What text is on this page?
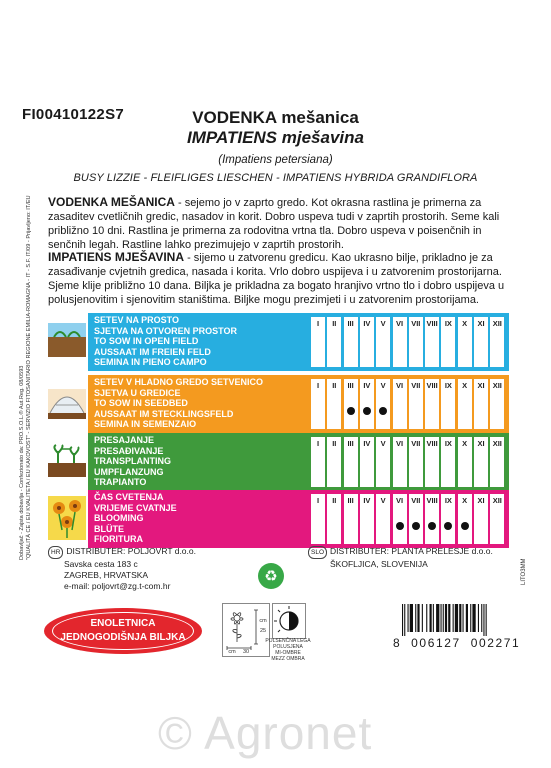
Dobavljač - Zajsta dobavlja - Confezionato da: PRO.S.O.L.® Aut.Reg. 08/0593 "QUALITÀ CE / EU KVALITETA / EU KAKOVOST" - SERVIZIO FITOSANITARIO REGIONE EMILIA-ROMAGNA - IT - S.F. IT/09 - Prijavljeno: IT/EU
FI00410122S7	VODENKA mešanica
IMPATIENS mješavina
(Impatiens petersiana)
BUSY LIZZIE - FLEIFLIGES LIESCHEN - IMPATIENS HYBRIDA GRANDIFLORA
VODENKA MEŠANICA - sejemo jo v zaprto gredo. Kot okrasna rastlina je primerna za
zasaditev cvetličnih gredic, nasadov in korit. Dobro uspeva tudi v zaprtih prostorih. Seme kali
približno 10 dni. Rastlina je primerna za rodovitna vrtna tla. Dobro uspeva v poisenčnih in
senčnih legah. Rastline lahko prezimujejo v zaprtih prostorih.
IMPATIENS MJEŠAVINA - sijemo u zatvorenu gredicu. Kao ukrasno bilje, prikladno je za
zasađivanje cvjetnih gredica, nasada i korita. Vrlo dobro uspijeva i u zatvorenim prostorijarna.
Sjeme klije približno 10 dana. Biljka je prikladna za bogato hranjivo vrtno tlo i dobro uspijeva u
polusjenovitim i sjenovitim staništima. Biljke mogu prezimjeti i u zatvorenim prostorijama.
SETEV NA PROSTO
SJETVA NA OTVOREN PROSTOR
TO SOW IN OPEN FIELD
AUSSAAT IM FREIEN FELD
SEMINA IN PIENO CAMPO
I	II	III	IV	V	VI	VII VIII IX	X	XI	XII
SETEV V HLADNO GREDO SETVENICO
SJETVA U GREDICE
TO SOW IN SEEDBED
AUSSAAT IM STECKLINGSFELD
SEMINA IN SEMENZAIO
I	II	III	IV	V	VI	VII VIII IX	X	XI	XII
PRESAJANJE
PRESAĐIVANJE
TRANSPLANTING
UMPFLANZUNG
TRAPIANTO
I	II	III	IV	V	VI	VII VIII IX	X	XI	XII
ČAS CVETENJA
VRIJEME CVATNJE
BLOOMING
BLÜTE
FIORITURA
I	II	III	IV	V	VI	VII VIII IX	X	XI	XII
LITO3MM
HR DISTRIBUTER: POLJOVRT d.o.o.
Savska cesta 183 c
ZAGREB, HRVATSKA
e-mail: poljovrt@zg.t-com.hr
♻
SLO DISTRIBUTER: PLANTA PRELESJE d.o.o.
ŠKOFLJICA, SLOVENIJA
ENOLETNICA
JEDNOGODIŠNJA BILJKA
cm
25
cm	30
POLSENČNA LEGA
POLUSJENA
MI-OMBRE
MEZZ OMBRA
8 006127 002271
© Agronet
